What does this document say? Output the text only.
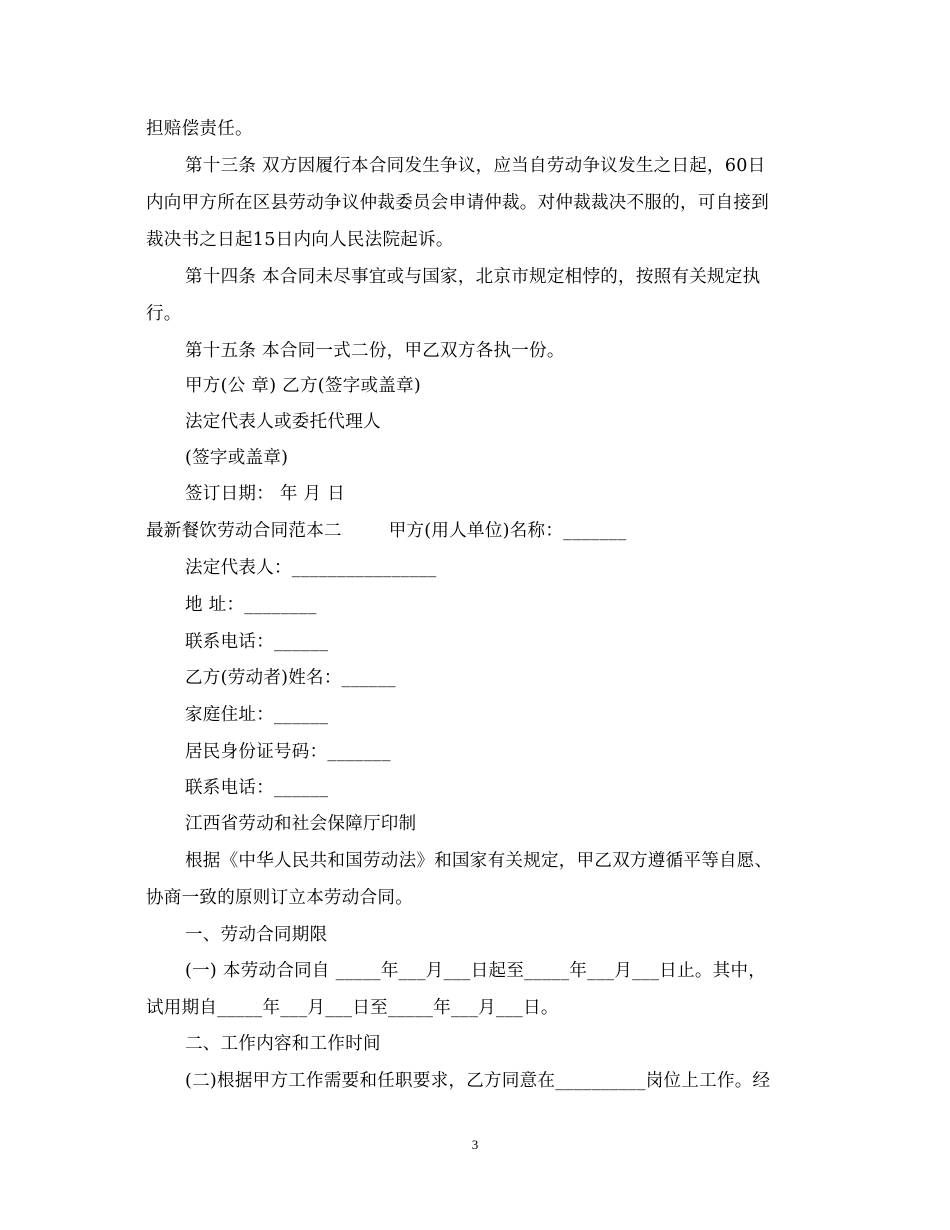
担赔偿责任。
第十三条 双方因履行本合同发生争议，应当自劳动争议发生之日起，60日
内向甲方所在区县劳动争议仲裁委员会申请仲裁。对仲裁裁决不服的，可自接到
裁决书之日起15日内向人民法院起诉。
第十四条 本合同未尽事宜或与国家，北京市规定相悖的，按照有关规定执
行。
第十五条 本合同一式二份，甲乙双方各执一份。
甲方(公 章) 乙方(签字或盖章)
法定代表人或委托代理人
(签字或盖章)
签订日期： 年 月 日
最新餐饮劳动合同范本二        甲方(用人单位)名称：_______
法定代表人：________________
地 址：________
联系电话：______
乙方(劳动者)姓名：______
家庭住址：______
居民身份证号码：_______
联系电话：______
江西省劳动和社会保障厅印制
根据《中华人民共和国劳动法》和国家有关规定，甲乙双方遵循平等自愿、
协商一致的原则订立本劳动合同。
一、劳动合同期限
(一) 本劳动合同自 _____年___月___日起至_____年___月___日止。其中，
试用期自_____年___月___日至_____年___月___日。
二、工作内容和工作时间
(二)根据甲方工作需要和任职要求，乙方同意在__________岗位上工作。经
3
